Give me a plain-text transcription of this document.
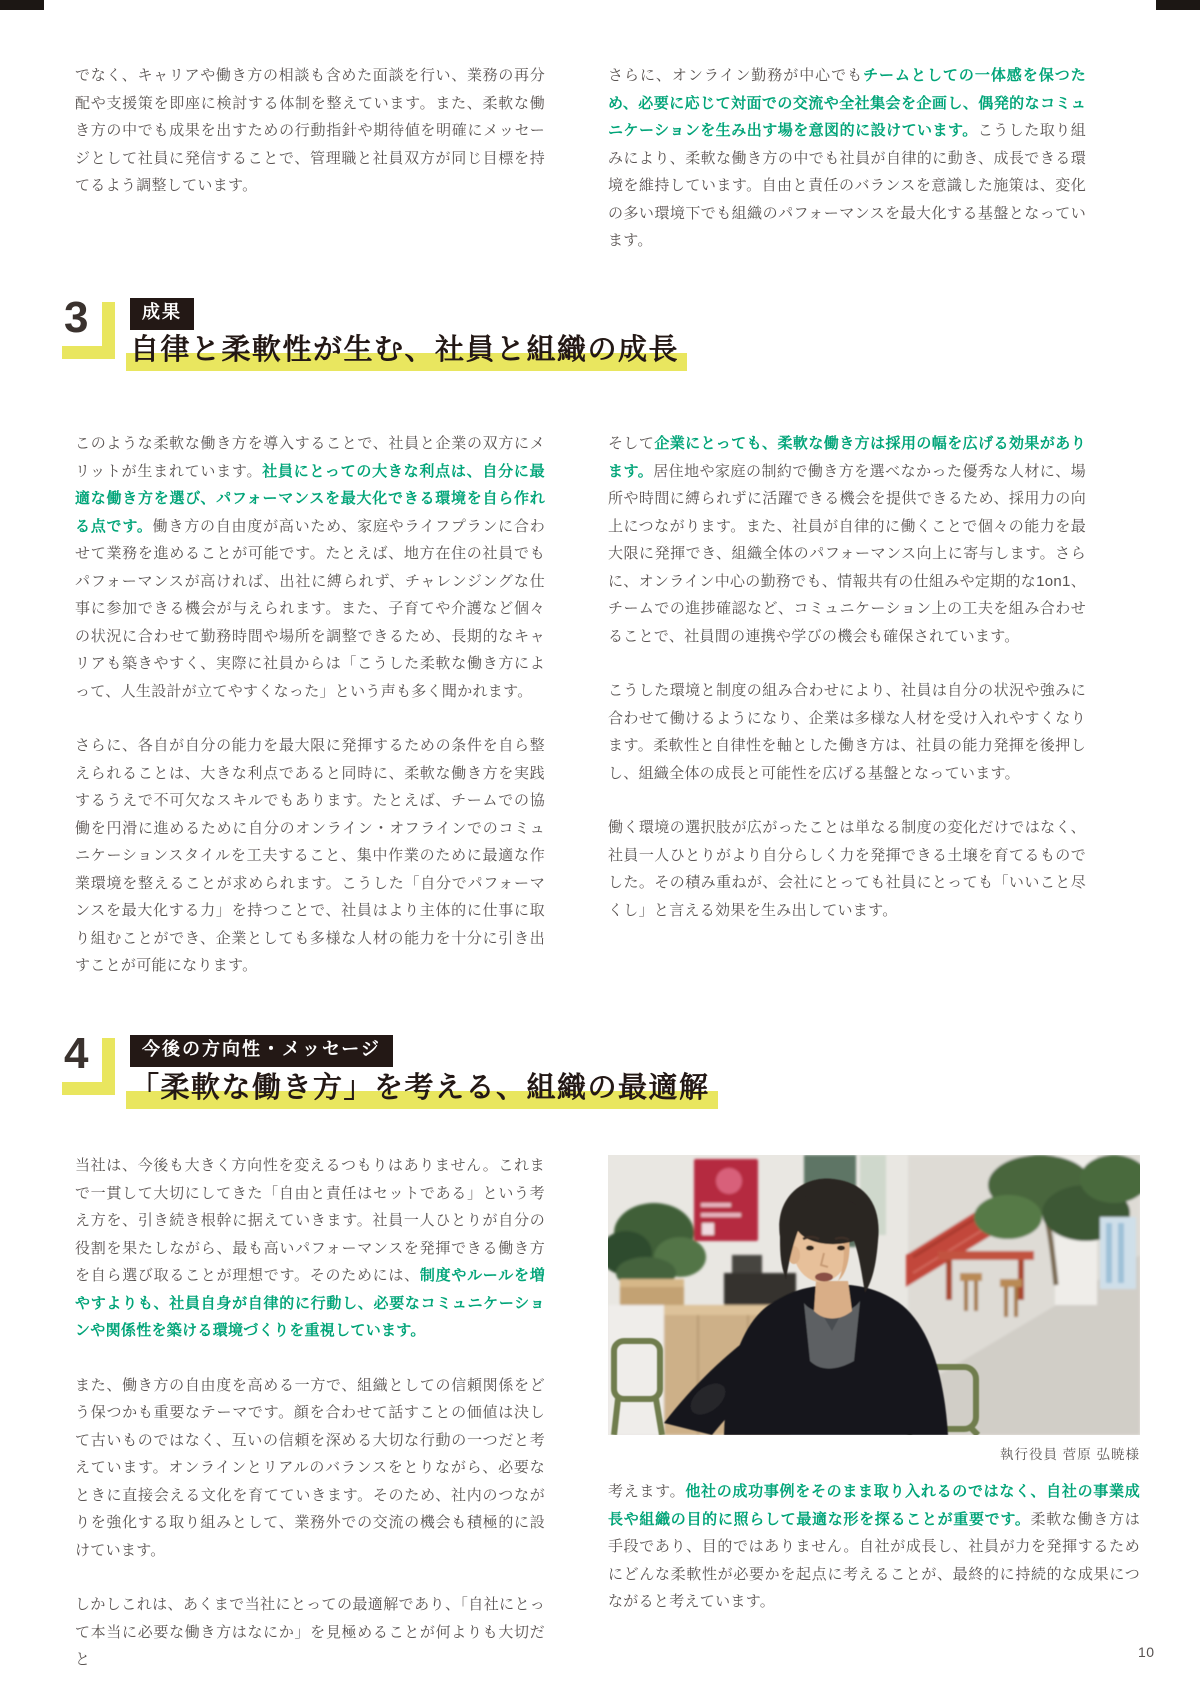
でなく、キャリアや働き方の相談も含めた面談を行い、業務の再分配や支援策を即座に検討する体制を整えています。また、柔軟な働き方の中でも成果を出すための行動指針や期待値を明確にメッセージとして社員に発信することで、管理職と社員双方が同じ目標を持てるよう調整しています。

さらに、オンライン勤務が中心でもチームとしての一体感を保つため、必要に応じて対面での交流や全社集会を企画し、偶発的なコミュニケーションを生み出す場を意図的に設けています。こうした取り組みにより、柔軟な働き方の中でも社員が自律的に動き、成長できる環境を維持しています。自由と責任のバランスを意識した施策は、変化の多い環境下でも組織のパフォーマンスを最大化する基盤となっています。

3	成果
自律と柔軟性が生む、社員と組織の成長

このような柔軟な働き方を導入することで、社員と企業の双方にメリットが生まれています。社員にとっての大きな利点は、自分に最適な働き方を選び、パフォーマンスを最大化できる環境を自ら作れる点です。働き方の自由度が高いため、家庭やライフプランに合わせて業務を進めることが可能です。たとえば、地方在住の社員でもパフォーマンスが高ければ、出社に縛られず、チャレンジングな仕事に参加できる機会が与えられます。また、子育てや介護など個々の状況に合わせて勤務時間や場所を調整できるため、長期的なキャリアも築きやすく、実際に社員からは「こうした柔軟な働き方によって、人生設計が立てやすくなった」という声も多く聞かれます。

さらに、各自が自分の能力を最大限に発揮するための条件を自ら整えられることは、大きな利点であると同時に、柔軟な働き方を実践するうえで不可欠なスキルでもあります。たとえば、チームでの協働を円滑に進めるために自分のオンライン・オフラインでのコミュニケーションスタイルを工夫すること、集中作業のために最適な作業環境を整えることが求められます。こうした「自分でパフォーマンスを最大化する力」を持つことで、社員はより主体的に仕事に取り組むことができ、企業としても多様な人材の能力を十分に引き出すことが可能になります。

そして企業にとっても、柔軟な働き方は採用の幅を広げる効果があります。居住地や家庭の制約で働き方を選べなかった優秀な人材に、場所や時間に縛られずに活躍できる機会を提供できるため、採用力の向上につながります。また、社員が自律的に働くことで個々の能力を最大限に発揮でき、組織全体のパフォーマンス向上に寄与します。さらに、オンライン中心の勤務でも、情報共有の仕組みや定期的な1on1、チームでの進捗確認など、コミュニケーション上の工夫を組み合わせることで、社員間の連携や学びの機会も確保されています。

こうした環境と制度の組み合わせにより、社員は自分の状況や強みに合わせて働けるようになり、企業は多様な人材を受け入れやすくなります。柔軟性と自律性を軸とした働き方は、社員の能力発揮を後押しし、組織全体の成長と可能性を広げる基盤となっています。

働く環境の選択肢が広がったことは単なる制度の変化だけではなく、社員一人ひとりがより自分らしく力を発揮できる土壌を育てるものでした。その積み重ねが、会社にとっても社員にとっても「いいこと尽くし」と言える効果を生み出しています。

4	今後の方向性・メッセージ
「柔軟な働き方」を考える、組織の最適解

当社は、今後も大きく方向性を変えるつもりはありません。これまで一貫して大切にしてきた「自由と責任はセットである」という考え方を、引き続き根幹に据えていきます。社員一人ひとりが自分の役割を果たしながら、最も高いパフォーマンスを発揮できる働き方を自ら選び取ることが理想です。そのためには、制度やルールを増やすよりも、社員自身が自律的に行動し、必要なコミュニケーションや関係性を築ける環境づくりを重視しています。

また、働き方の自由度を高める一方で、組織としての信頼関係をどう保つかも重要なテーマです。顔を合わせて話すことの価値は決して古いものではなく、互いの信頼を深める大切な行動の一つだと考えています。オンラインとリアルのバランスをとりながら、必要なときに直接会える文化を育てていきます。そのため、社内のつながりを強化する取り組みとして、業務外での交流の機会も積極的に設けています。

しかしこれは、あくまで当社にとっての最適解であり、「自社にとって本当に必要な働き方はなにか」を見極めることが何よりも大切だと

執行役員 菅原 弘暁様

考えます。他社の成功事例をそのまま取り入れるのではなく、自社の事業成長や組織の目的に照らして最適な形を探ることが重要です。柔軟な働き方は手段であり、目的ではありません。自社が成長し、社員が力を発揮するためにどんな柔軟性が必要かを起点に考えることが、最終的に持続的な成果につながると考えています。

10
